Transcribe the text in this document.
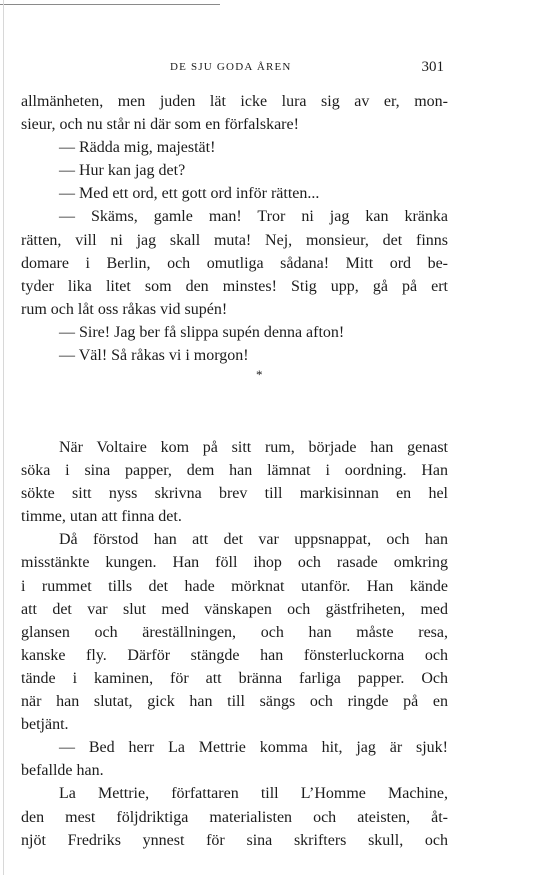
DE SJU GODA ÅREN	301
allmänheten, men juden lät icke lura sig av er, mon-
sieur, och nu står ni där som en förfalskare!
— Rädda mig, majestät!
— Hur kan jag det?
— Med ett ord, ett gott ord inför rätten...
— Skäms, gamle man! Tror ni jag kan kränka
rätten, vill ni jag skall muta! Nej, monsieur, det finns
domare i Berlin, och omutliga sådana! Mitt ord be-
tyder lika litet som den minstes! Stig upp, gå på ert
rum och låt oss råkas vid supén!
— Sire! Jag ber få slippa supén denna afton!
— Väl! Så råkas vi i morgon!
*
När Voltaire kom på sitt rum, började han genast
söka i sina papper, dem han lämnat i oordning. Han
sökte sitt nyss skrivna brev till markisinnan en hel
timme, utan att finna det.
Då förstod han att det var uppsnappat, och han
misstänkte kungen. Han föll ihop och rasade omkring
i rummet tills det hade mörknat utanför. Han kände
att det var slut med vänskapen och gästfriheten, med
glansen och äreställningen, och han måste resa,
kanske fly. Därför stängde han fönsterluckorna och
tände i kaminen, för att bränna farliga papper. Och
när han slutat, gick han till sängs och ringde på en
betjänt.
— Bed herr La Mettrie komma hit, jag är sjuk!
befallde han.
La Mettrie, författaren till L’Homme Machine,
den mest följdriktiga materialisten och ateisten, åt-
njöt Fredriks ynnest för sina skrifters skull, och
